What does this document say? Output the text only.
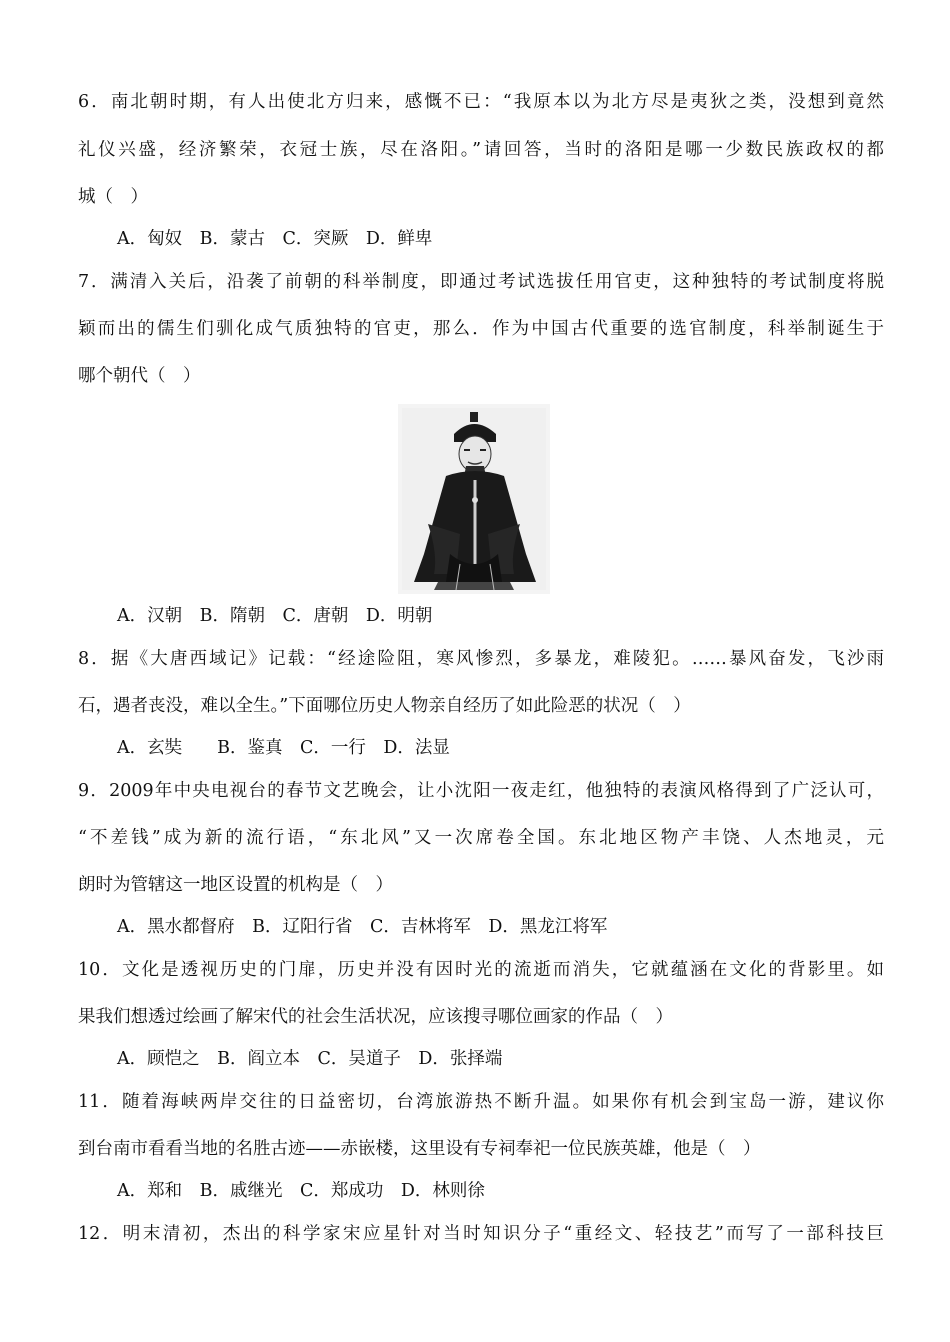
6．南北朝时期，有人出使北方归来，感慨不已：“我原本以为北方尽是夷狄之类，没想到竟然
礼仪兴盛，经济繁荣，衣冠士族，尽在洛阳。”请回答，当时的洛阳是哪一少数民族政权的都
城（　）
A．匈奴　B．蒙古　C．突厥　D．鲜卑
7．满清入关后，沿袭了前朝的科举制度，即通过考试选拔任用官吏，这种独特的考试制度将脱
颖而出的儒生们驯化成气质独特的官吏，那么．作为中国古代重要的选官制度，科举制诞生于
哪个朝代（　）
A．汉朝　B．隋朝　C．唐朝　D．明朝
8．据《大唐西域记》记载：“经途险阻，寒风惨烈，多暴龙，难陵犯。……暴风奋发，飞沙雨
石，遇者丧没，难以全生。”下面哪位历史人物亲自经历了如此险恶的状况（　）
A．玄奘　　B．鉴真　C．一行　D．法显
9．2009年中央电视台的春节文艺晚会，让小沈阳一夜走红，他独特的表演风格得到了广泛认可，
“不差钱”成为新的流行语，“东北风”又一次席卷全国。东北地区物产丰饶、人杰地灵，元
朗时为管辖这一地区设置的机构是（　）
A．黑水都督府　B．辽阳行省　C．吉林将军　D．黑龙江将军
10．文化是透视历史的门扉，历史并没有因时光的流逝而消失，它就蕴涵在文化的背影里。如
果我们想透过绘画了解宋代的社会生活状况，应该搜寻哪位画家的作品（　）
A．顾恺之　B．阎立本　C．吴道子　D．张择端
11．随着海峡两岸交往的日益密切，台湾旅游热不断升温。如果你有机会到宝岛一游，建议你
到台南市看看当地的名胜古迹——赤嵌楼，这里设有专祠奉祀一位民族英雄，他是（　）
A．郑和　B．戚继光　C．郑成功　D．林则徐
12．明末清初，杰出的科学家宋应星针对当时知识分子“重经文、轻技艺”而写了一部科技巨
